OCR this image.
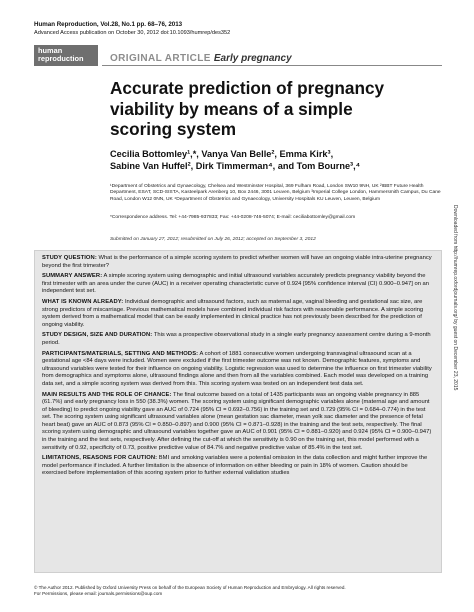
Human Reproduction, Vol.28, No.1 pp. 68–76, 2013
Advanced Access publication on October 30, 2012 doi:10.1093/humrep/des352
human
reproduction	ORIGINAL ARTICLE Early pregnancy
Accurate prediction of pregnancy
viability by means of a simple
scoring system
Cecilia Bottomley¹,*, Vanya Van Belle², Emma Kirk³,
Sabine Van Huffel², Dirk Timmerman⁴, and Tom Bourne³,⁴
¹Department of Obstetrics and Gynaecology, Chelsea and Westminster Hospital, 369 Fulham Road, London SW10 9NH, UK ²IBBT Future Health Department, ESAT, SCD-SISTA, Kasteelpark Arenberg 10, Box 2446, 3001 Leuven, Belgium ³Imperial College London, Hammersmith Campus, Du Cane Road, London W12 0NN, UK ⁴Department of Obstetrics and Gynaecology, University Hospitals KU Leuven, Leuven, Belgium
*Correspondence address. Tel: +44-7985-937833; Fax: +44-0208-746-5074; E-mail: ceciliabottomley@gmail.com
Submitted on January 27, 2012; resubmitted on July 26, 2012; accepted on September 3, 2012
STUDY QUESTION: What is the performance of a simple scoring system to predict whether women will have an ongoing viable intra-uterine pregnancy beyond the first trimester?
SUMMARY ANSWER: A simple scoring system using demographic and initial ultrasound variables accurately predicts pregnancy viability beyond the first trimester with an area under the curve (AUC) in a receiver operating characteristic curve of 0.924 [95% confidence interval (CI) 0.900–0.947] on an independent test set.
WHAT IS KNOWN ALREADY: Individual demographic and ultrasound factors, such as maternal age, vaginal bleeding and gestational sac size, are strong predictors of miscarriage. Previous mathematical models have combined individual risk factors with reasonable performance. A simple scoring system derived from a mathematical model that can be easily implemented in clinical practice has not previously been described for the prediction of ongoing viability.
STUDY DESIGN, SIZE AND DURATION: This was a prospective observational study in a single early pregnancy assessment centre during a 9-month period.
PARTICIPANTS/MATERIALS, SETTING AND METHODS: A cohort of 1881 consecutive women undergoing transvaginal ultrasound scan at a gestational age <84 days were included. Women were excluded if the first trimester outcome was not known. Demographic features, symptoms and ultrasound variables were tested for their influence on ongoing viability. Logistic regression was used to determine the influence on first trimester viability from demographics and symptoms alone, ultrasound findings alone and then from all the variables combined. Each model was developed on a training data set, and a simple scoring system was derived from this. This scoring system was tested on an independent test data set.
MAIN RESULTS AND THE ROLE OF CHANCE: The final outcome based on a total of 1435 participants was an ongoing viable pregnancy in 885 (61.7%) and early pregnancy loss in 550 (38.3%) women. The scoring system using significant demographic variables alone (maternal age and amount of bleeding) to predict ongoing viability gave an AUC of 0.724 (95% CI = 0.692–0.756) in the training set and 0.729 (95% CI = 0.684–0.774) in the test set. The scoring system using significant ultrasound variables alone (mean gestation sac diameter, mean yolk sac diameter and the presence of fetal heart beat) gave an AUC of 0.873 (95% CI = 0.850–0.897) and 0.900 (95% CI = 0.871–0.928) in the training and the test sets, respectively. The final scoring system using demographic and ultrasound variables together gave an AUC of 0.901 (95% CI = 0.881–0.920) and 0.924 (95% CI = 0.900–0.947) in the training and the test sets, respectively. After defining the cut-off at which the sensitivity is 0.90 on the training set, this model performed with a sensitivity of 0.92, specificity of 0.73, positive predictive value of 84.7% and negative predictive value of 85.4% in the test set.
LIMITATIONS, REASONS FOR CAUTION: BMI and smoking variables were a potential omission in the data collection and might further improve the model performance if included. A further limitation is the absence of information on either bleeding or pain in 18% of women. Caution should be exercised before implementation of this scoring system prior to further external validation studies
© The Author 2012. Published by Oxford University Press on behalf of the European Society of Human Reproduction and Embryology. All rights reserved.
For Permissions, please email: journals.permissions@oup.com
Downloaded from http://humrep.oxfordjournals.org/ by guest on December 23, 2015
